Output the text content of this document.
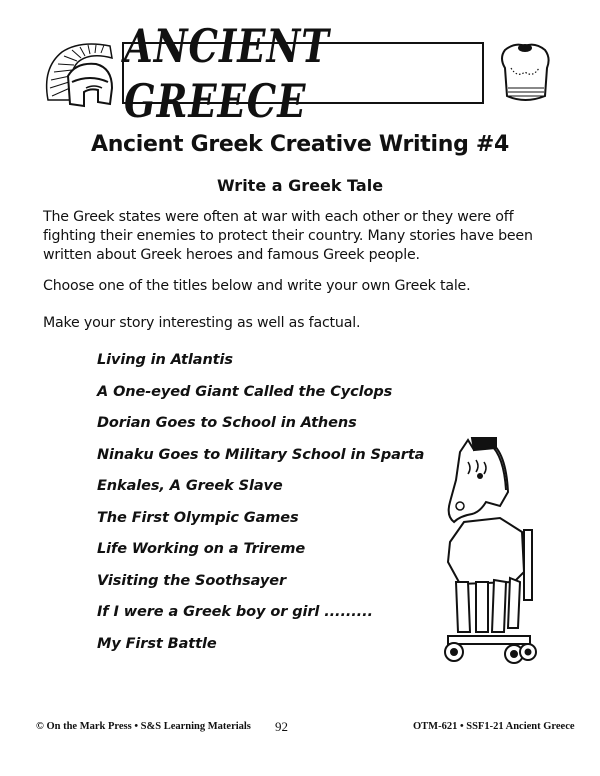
ANCIENT GREECE
Ancient Greek Creative Writing #4
Write a Greek Tale

The Greek states were often at war with each other or they were off fighting their enemies to protect their country. Many stories have been written about Greek heroes and famous Greek people.

Choose one of the titles below and write your own Greek tale.

Make your story interesting as well as factual.

Living in Atlantis
A One-eyed Giant Called the Cyclops
Dorian Goes to School in Athens
Ninaku Goes to Military School in Sparta
Enkales, A Greek Slave
The First Olympic Games
Life Working on a Trireme
Visiting the Soothsayer
If I were a Greek boy or girl .........
My First Battle
© On the Mark Press • S&S Learning Materials 92	OTM-621 • SSF1-21 Ancient Greece
